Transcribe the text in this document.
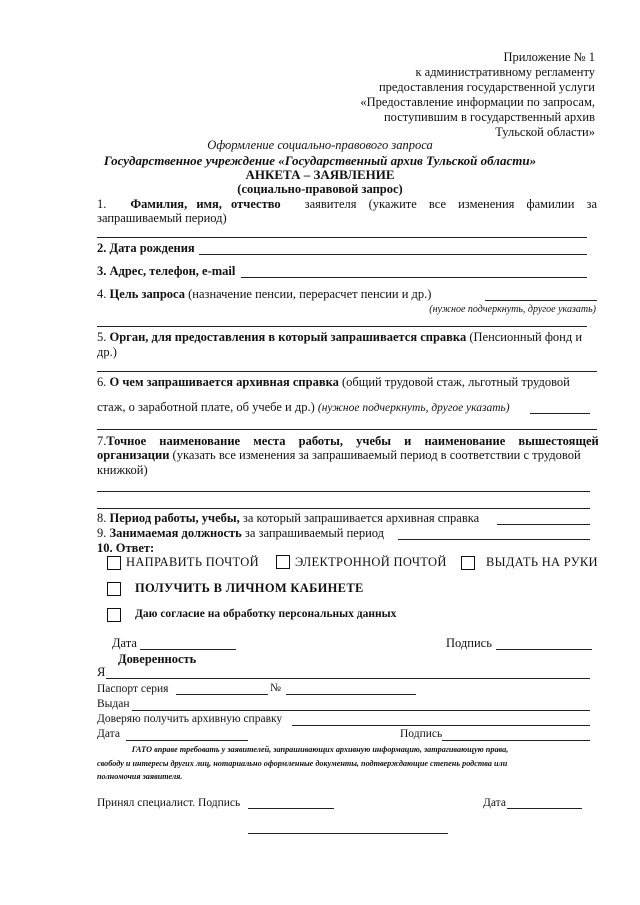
Приложение № 1
к административному регламенту
предоставления государственной услуги
«Предоставление информации по запросам,
поступившим в государственный архив
Тульской области»
Оформление социально-правового запроса
Государственное учреждение «Государственный архив Тульской области»
АНКЕТА – ЗАЯВЛЕНИЕ
(социально-правовой запрос)
1. Фамилия, имя, отчество заявителя (укажите все изменения фамилии за
запрашиваемый период)
2. Дата рождения
3. Адрес, телефон, e-mail
4. Цель запроса (назначение пенсии, перерасчет пенсии и др.)
(нужное подчеркнуть, другое указать)
5. Орган, для предоставления в который запрашивается справка (Пенсионный фонд и
др.)
6. О чем запрашивается архивная справка (общий трудовой стаж, льготный трудовой
стаж, о заработной плате, об учебе и др.) (нужное подчеркнуть, другое указать)
7. Точное наименование места работы, учебы и наименование вышестоящей
организации (указать все изменения за запрашиваемый период в соответствии с трудовой
книжкой)
8. Период работы, учебы, за который запрашивается архивная справка
9. Занимаемая должность за запрашиваемый период
10. Ответ:
НАПРАВИТЬ ПОЧТОЙ	ЭЛЕКТРОННОЙ ПОЧТОЙ	ВЫДАТЬ НА РУКИ
ПОЛУЧИТЬ В ЛИЧНОМ КАБИНЕТЕ
Даю согласие на обработку персональных данных
Дата	Подпись
Доверенность
Я
Паспорт серия	№
Выдан
Доверяю получить архивную справку
Дата	Подпись
ГАТО вправе требовать у заявителей, запрашивающих архивную информацию, затрагивающую права,
свободу и интересы других лиц, нотариально оформленные документы, подтверждающие степень родства или
полномочия заявителя.
Принял специалист. Подпись	Дата
